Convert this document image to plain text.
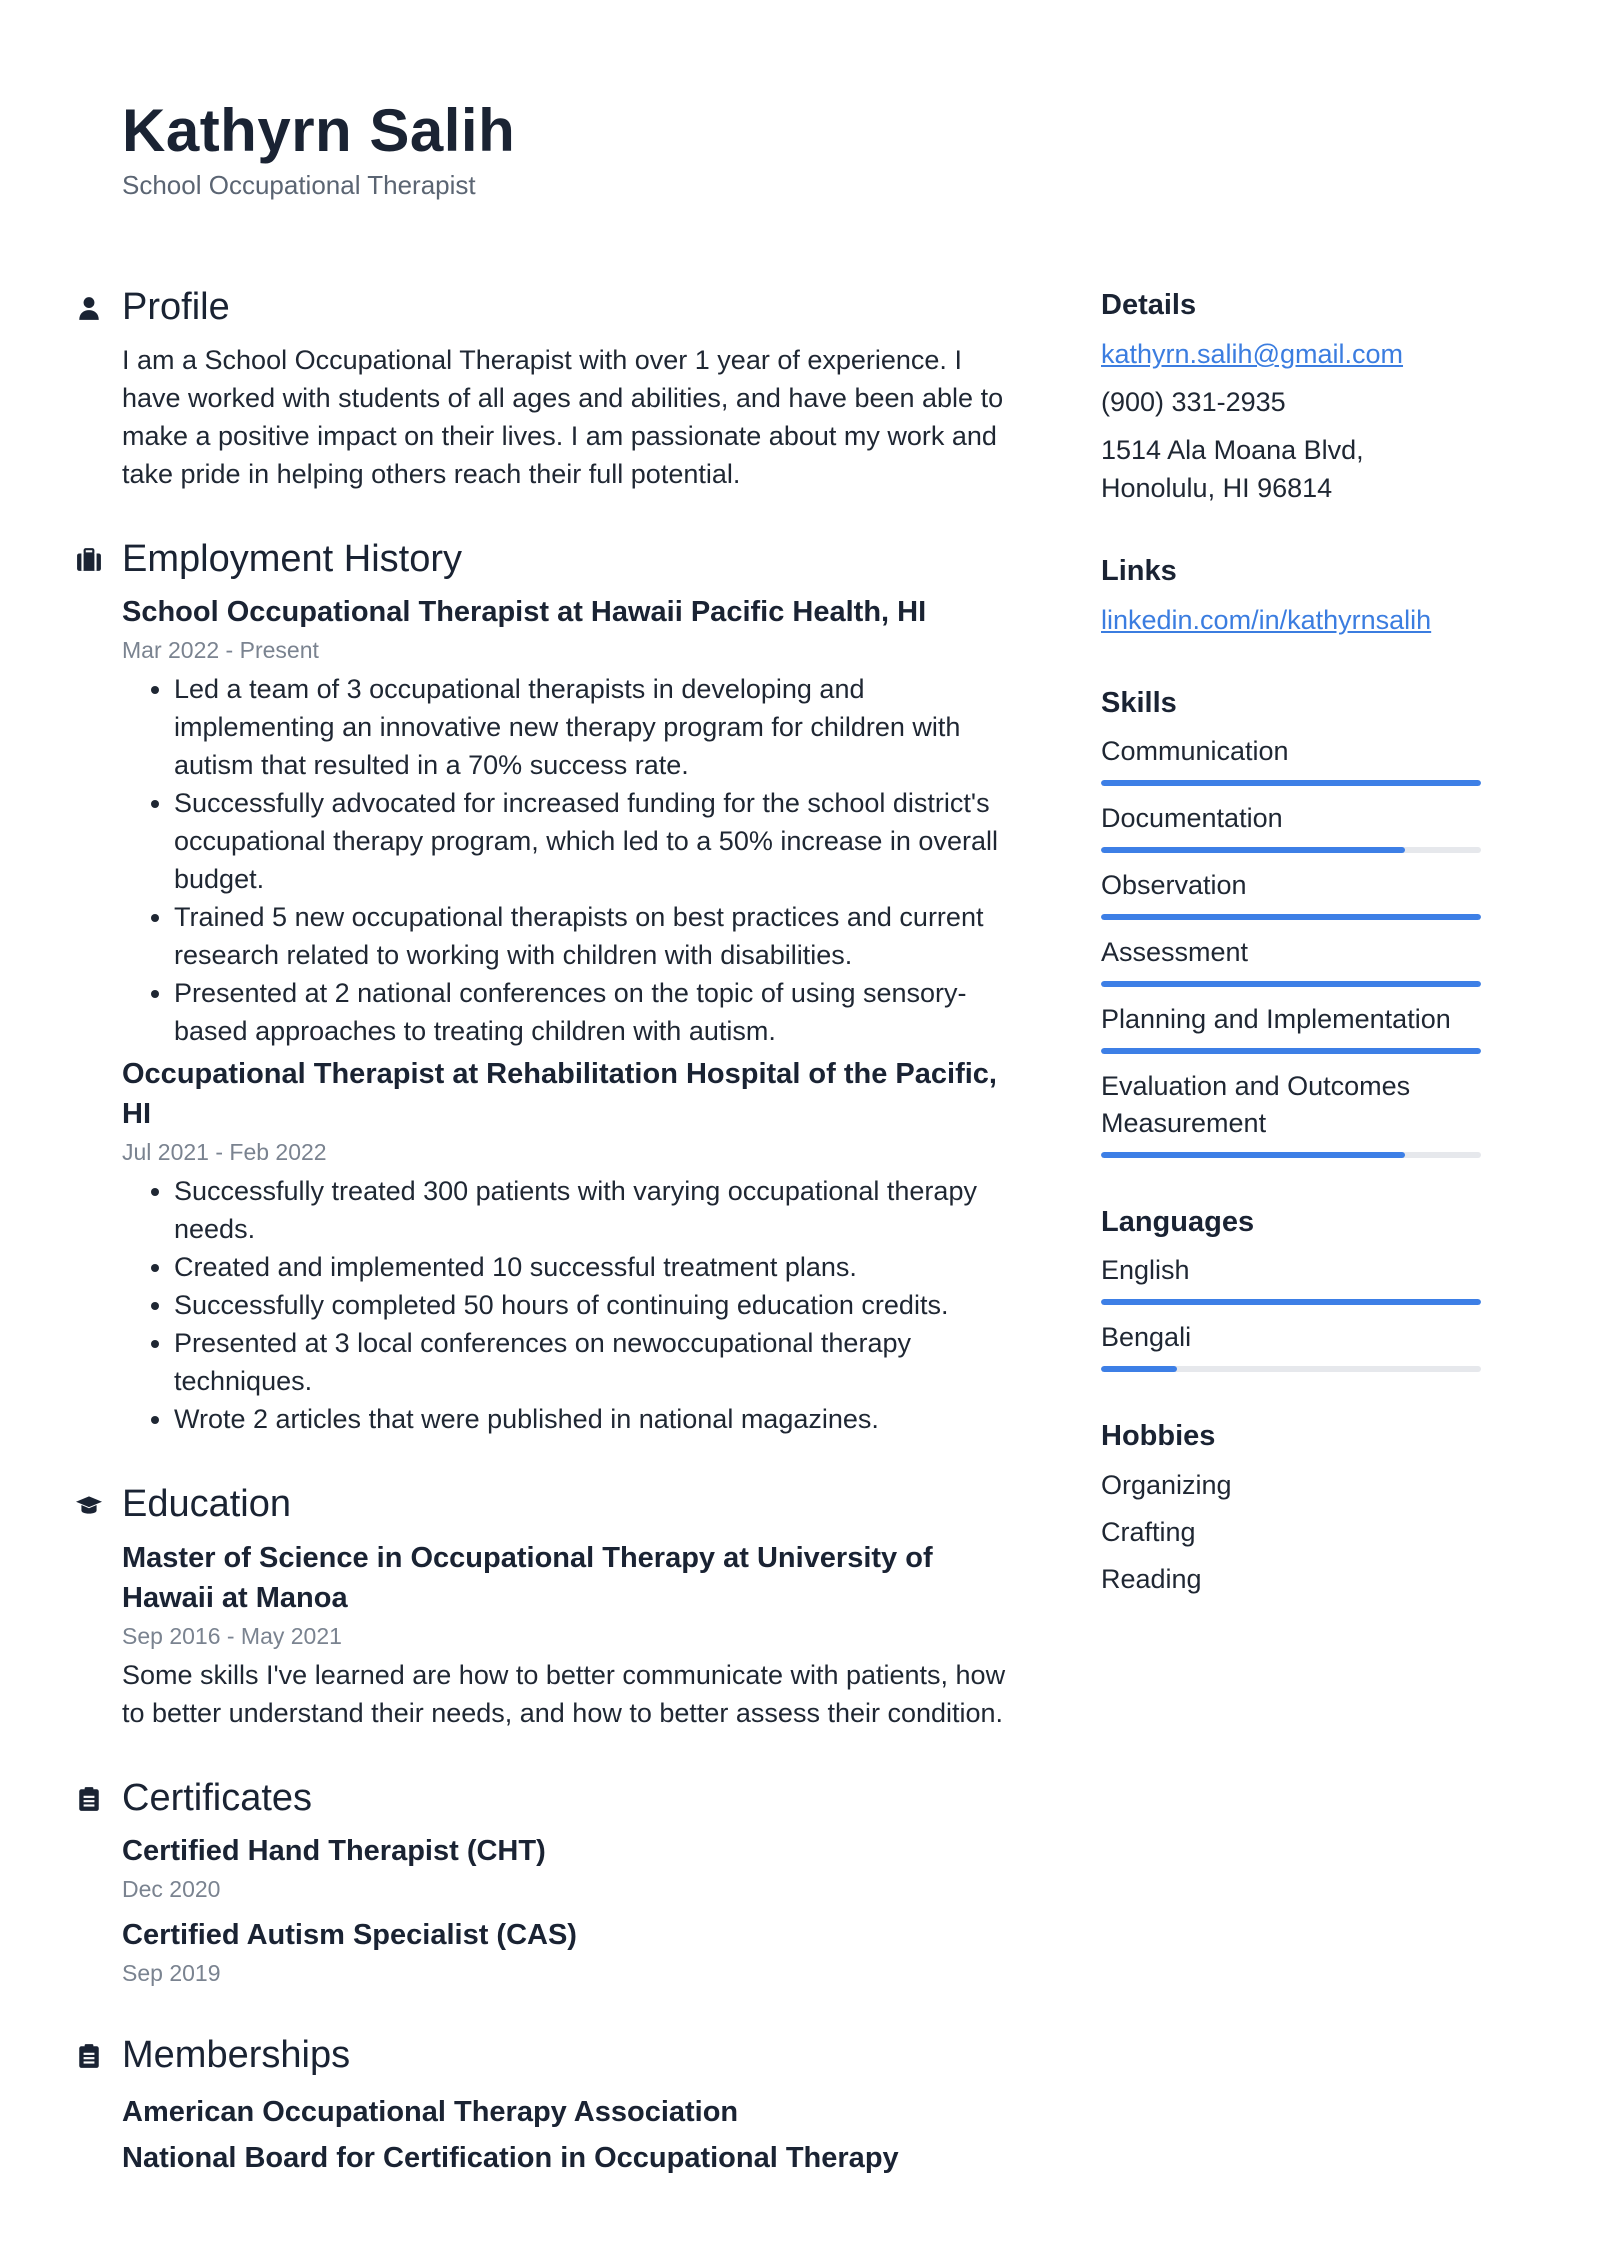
Kathyrn Salih
School Occupational Therapist
Profile

I am a School Occupational Therapist with over 1 year of experience. I have worked with students of all ages and abilities, and have been able to make a positive impact on their lives. I am passionate about my work and take pride in helping others reach their full potential.

Employment History
School Occupational Therapist at Hawaii Pacific Health, HI
Mar 2022 - Present
• Led a team of 3 occupational therapists in developing and implementing an innovative new therapy program for children with autism that resulted in a 70% success rate.
• Successfully advocated for increased funding for the school district's occupational therapy program, which led to a 50% increase in overall budget.
• Trained 5 new occupational therapists on best practices and current research related to working with children with disabilities.
• Presented at 2 national conferences on the topic of using sensory-based approaches to treating children with autism.
Occupational Therapist at Rehabilitation Hospital of the Pacific, HI
Jul 2021 - Feb 2022
• Successfully treated 300 patients with varying occupational therapy needs.
• Created and implemented 10 successful treatment plans.
• Successfully completed 50 hours of continuing education credits.
• Presented at 3 local conferences on newoccupational therapy techniques.
• Wrote 2 articles that were published in national magazines.
Education
Master of Science in Occupational Therapy at University of Hawaii at Manoa
Sep 2016 - May 2021

Some skills I've learned are how to better communicate with patients, how to better understand their needs, and how to better assess their condition.

Certificates
Certified Hand Therapist (CHT)
Dec 2020
Certified Autism Specialist (CAS)
Sep 2019
Memberships
American Occupational Therapy Association
National Board for Certification in Occupational Therapy
Details
kathyrn.salih@gmail.com
(900) 331-2935
1514 Ala Moana Blvd, Honolulu, HI 96814
Links
linkedin.com/in/kathyrnsalih
Skills
Communication
Documentation
Observation
Assessment
Planning and Implementation
Evaluation and Outcomes Measurement
Languages
English
Bengali
Hobbies
Organizing
Crafting
Reading
